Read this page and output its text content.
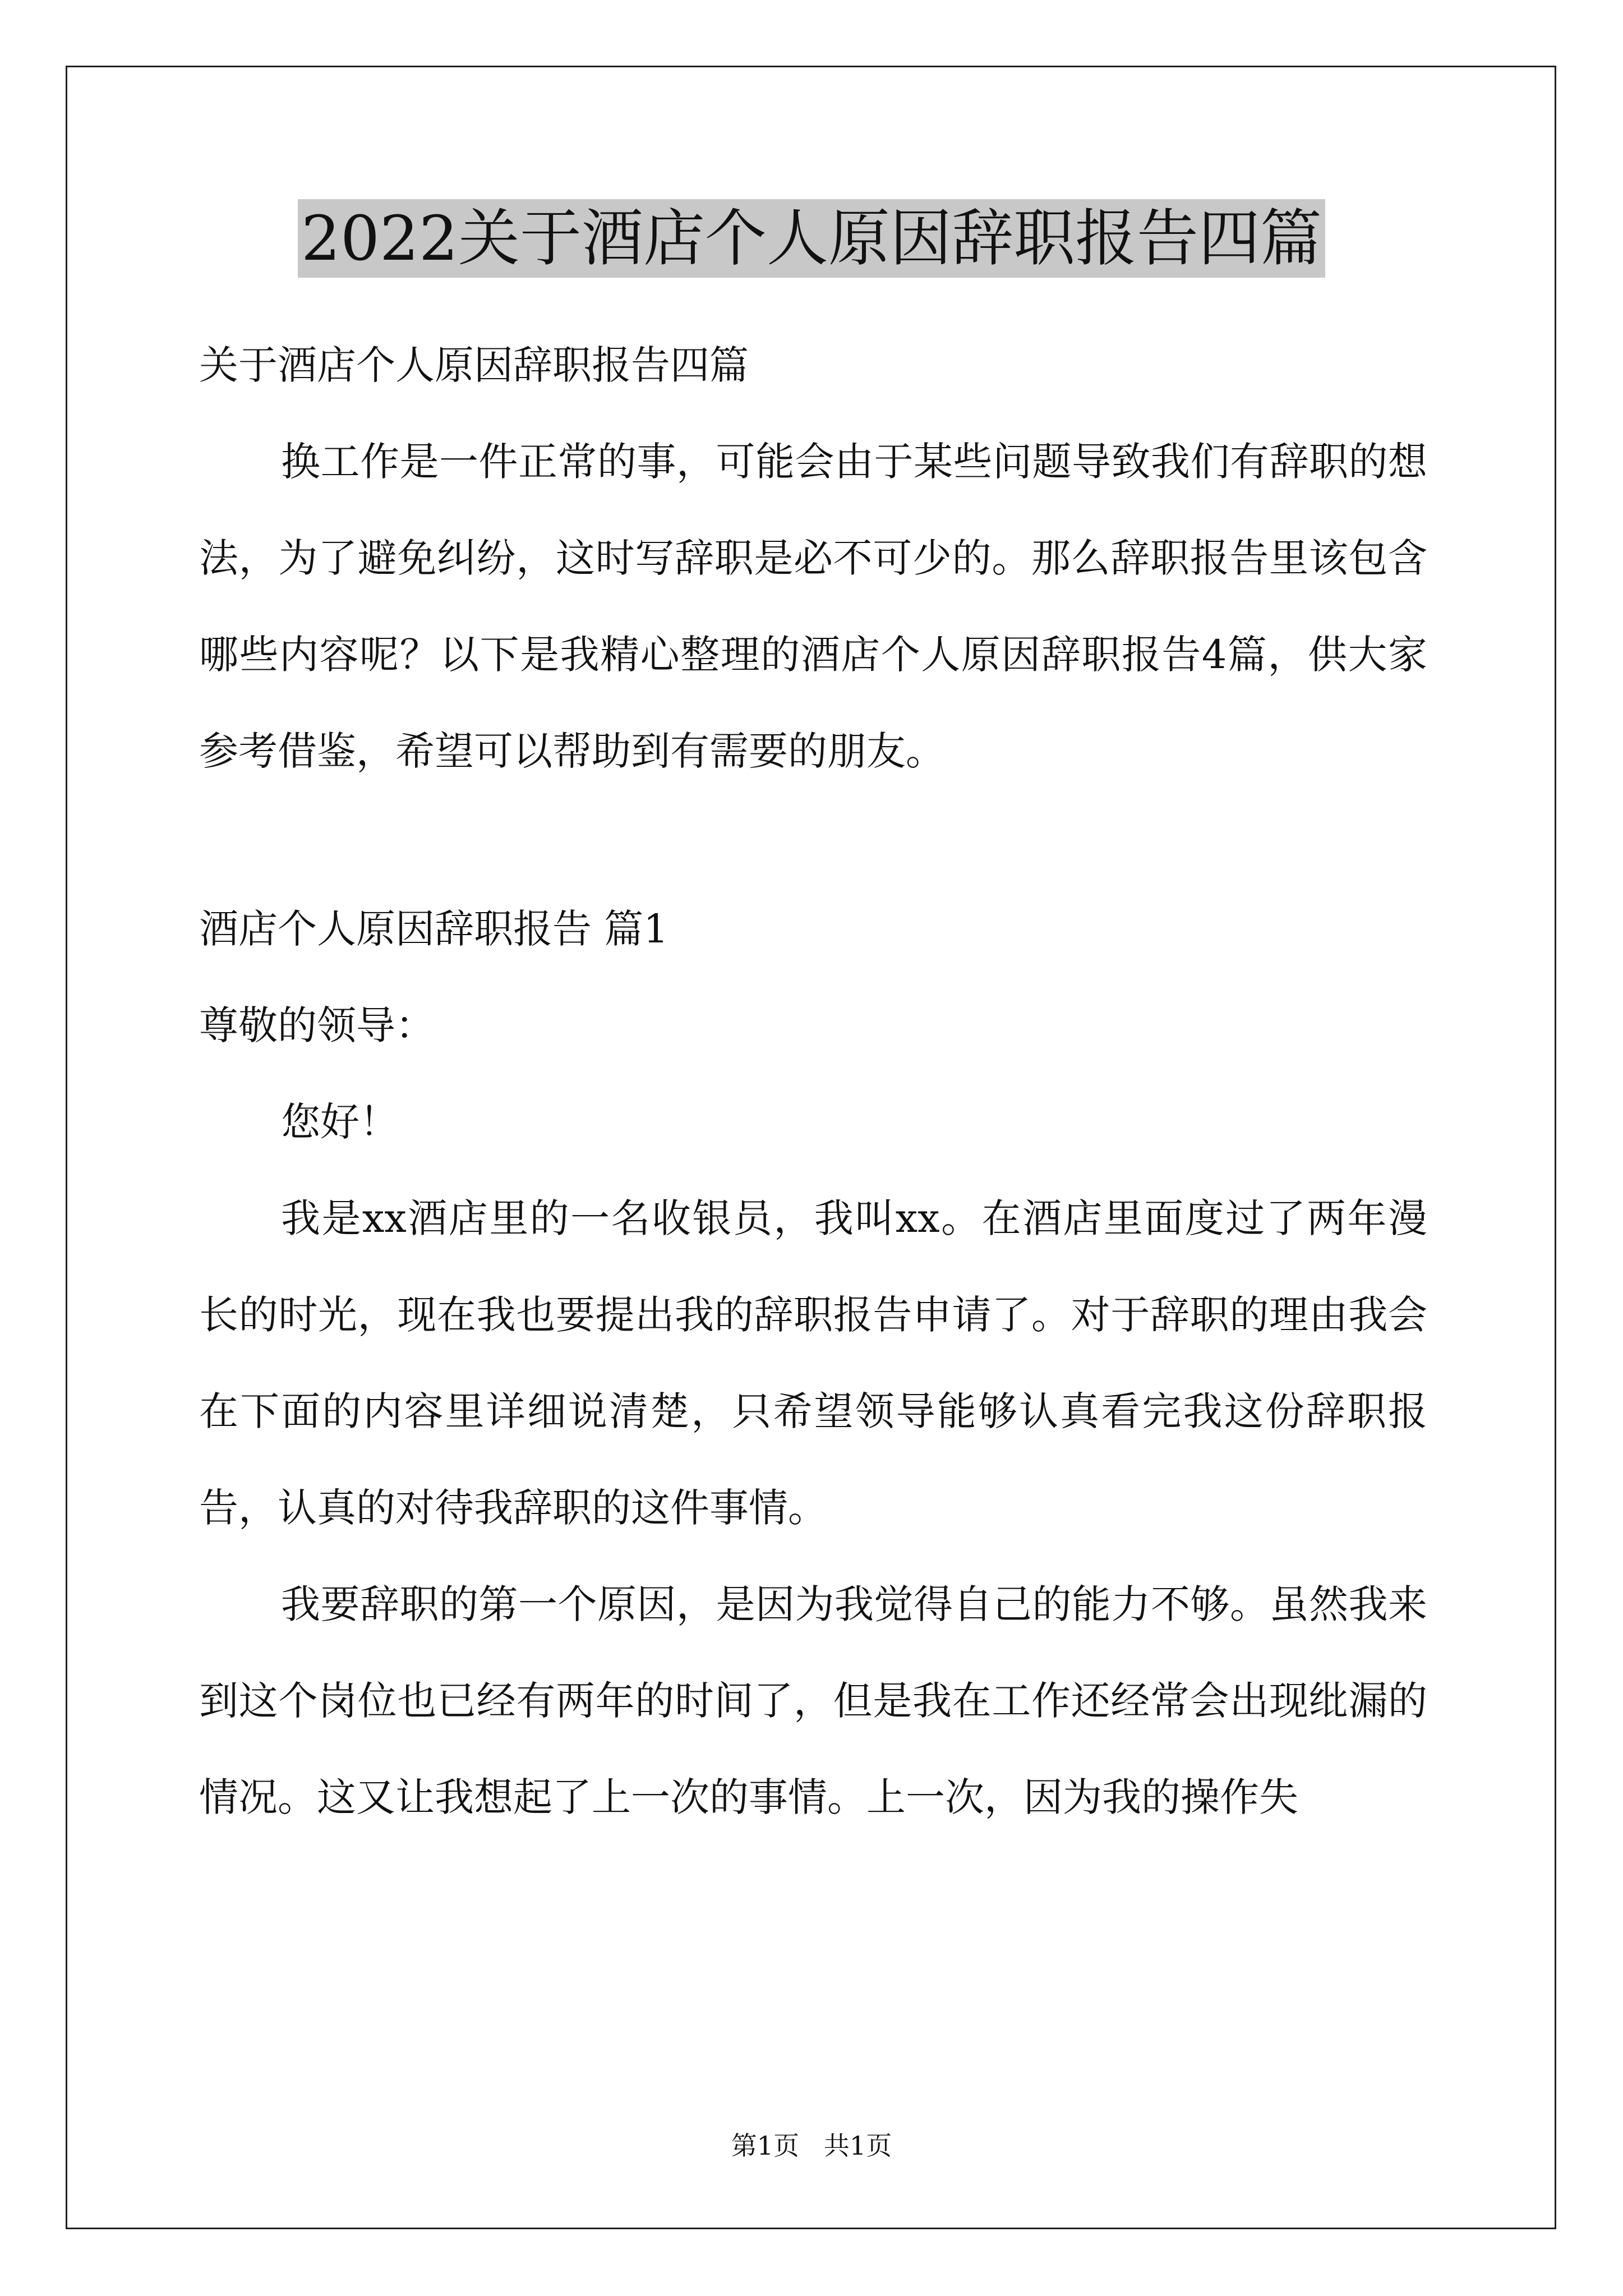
2022关于酒店个人原因辞职报告四篇

关于酒店个人原因辞职报告四篇

换工作是一件正常的事，可能会由于某些问题导致我们有辞职的想法，为了避免纠纷，这时写辞职是必不可少的。那么辞职报告里该包含哪些内容呢？以下是我精心整理的酒店个人原因辞职报告4篇，供大家参考借鉴，希望可以帮助到有需要的朋友。

酒店个人原因辞职报告 篇1

尊敬的领导：

您好！

我是xx酒店里的一名收银员，我叫xx。在酒店里面度过了两年漫长的时光，现在我也要提出我的辞职报告申请了。对于辞职的理由我会在下面的内容里详细说清楚，只希望领导能够认真看完我这份辞职报告，认真的对待我辞职的这件事情。

我要辞职的第一个原因，是因为我觉得自己的能力不够。虽然我来到这个岗位也已经有两年的时间了，但是我在工作还经常会出现纰漏的情况。这又让我想起了上一次的事情。上一次，因为我的操作失

第1页   共1页
